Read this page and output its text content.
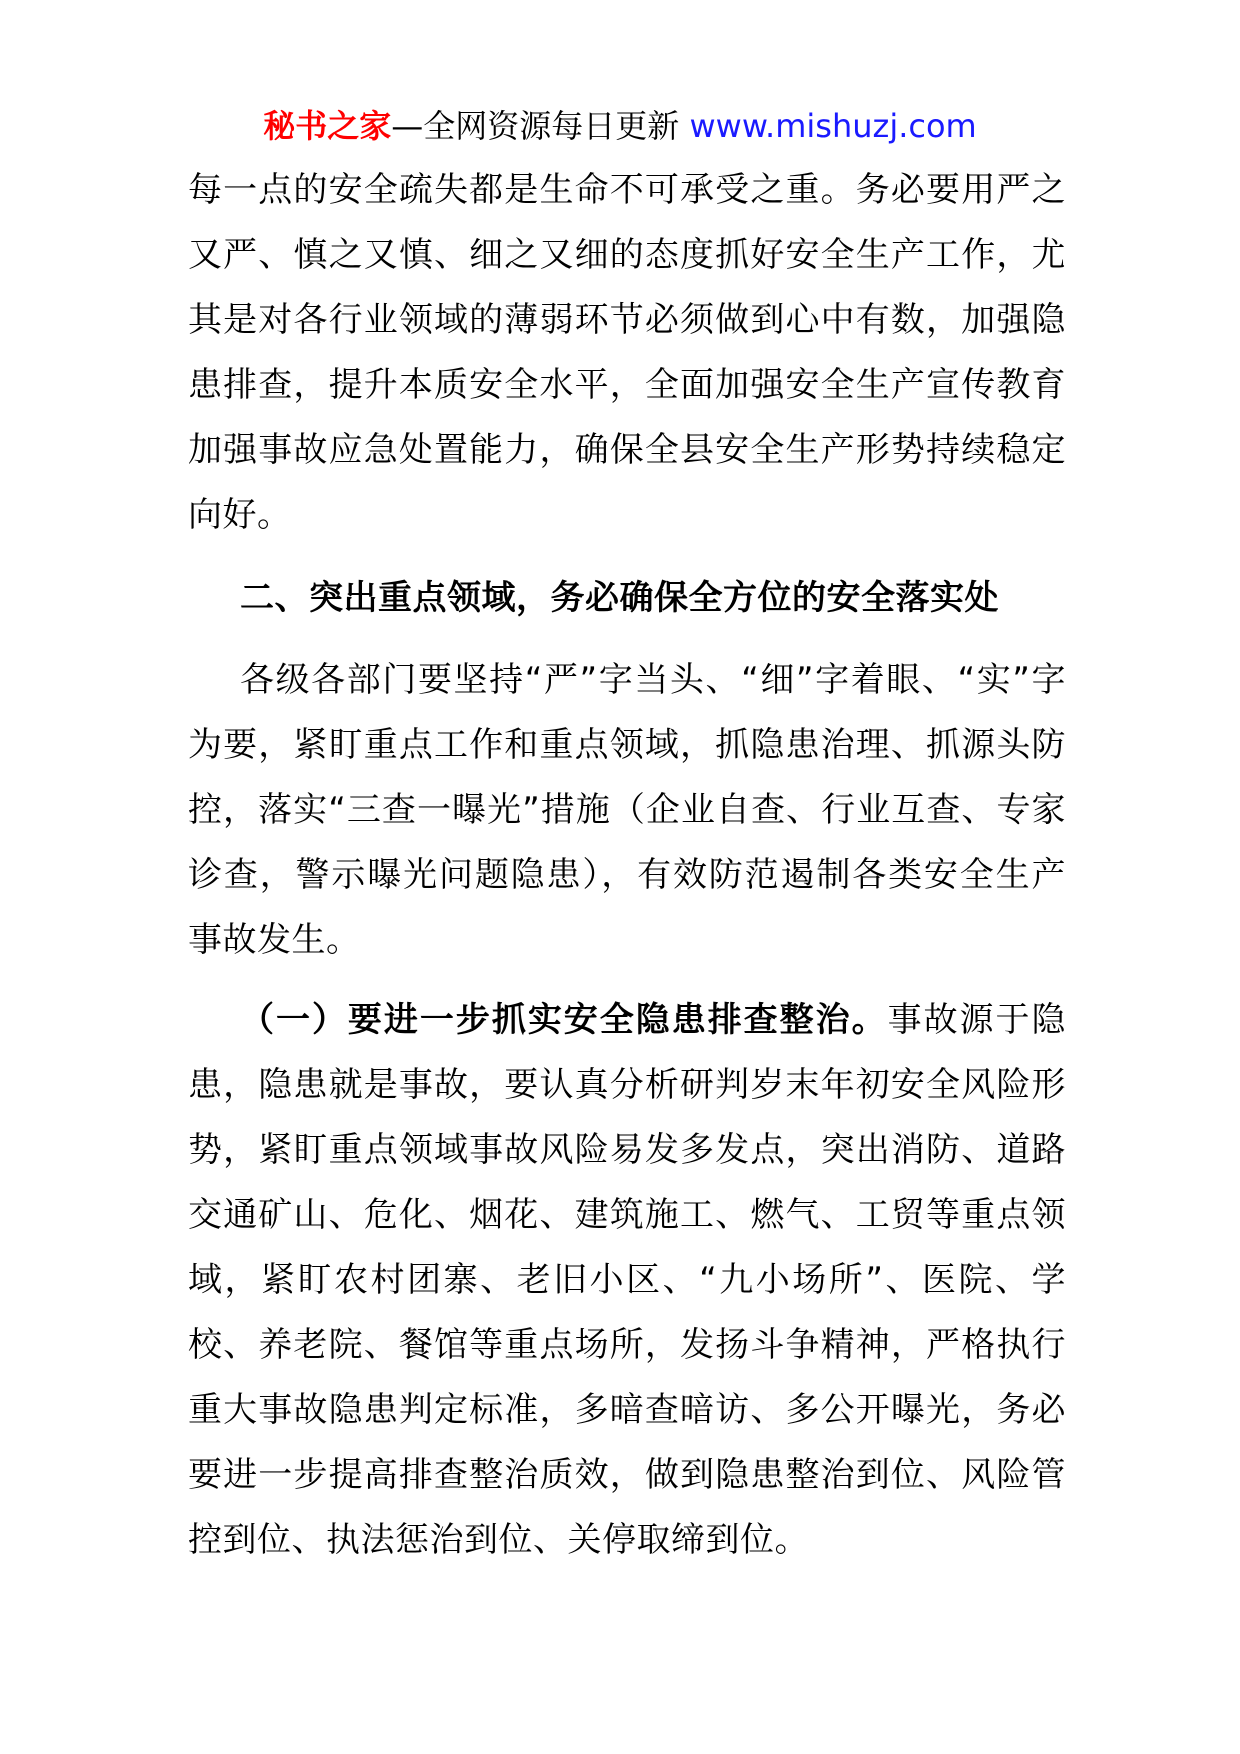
秘书之家—全网资源每日更新 www.mishuzj.com

每一点的安全疏失都是生命不可承受之重。务必要用严之又严、慎之又慎、细之又细的态度抓好安全生产工作，尤其是对各行业领域的薄弱环节必须做到心中有数，加强隐患排查，提升本质安全水平，全面加强安全生产宣传教育加强事故应急处置能力，确保全县安全生产形势持续稳定向好。

二、突出重点领域，务必确保全方位的安全落实处

各级各部门要坚持“严”字当头、“细”字着眼、“实”字为要，紧盯重点工作和重点领域，抓隐患治理、抓源头防控，落实“三查一曝光”措施（企业自查、行业互查、专家诊查，警示曝光问题隐患），有效防范遏制各类安全生产事故发生。

（一）要进一步抓实安全隐患排查整治。事故源于隐患，隐患就是事故，要认真分析研判岁末年初安全风险形势，紧盯重点领域事故风险易发多发点，突出消防、道路交通矿山、危化、烟花、建筑施工、燃气、工贸等重点领域，紧盯农村团寨、老旧小区、“九小场所”、医院、学校、养老院、餐馆等重点场所，发扬斗争精神，严格执行重大事故隐患判定标准，多暗查暗访、多公开曝光，务必要进一步提高排查整治质效，做到隐患整治到位、风险管控到位、执法惩治到位、关停取缔到位。
